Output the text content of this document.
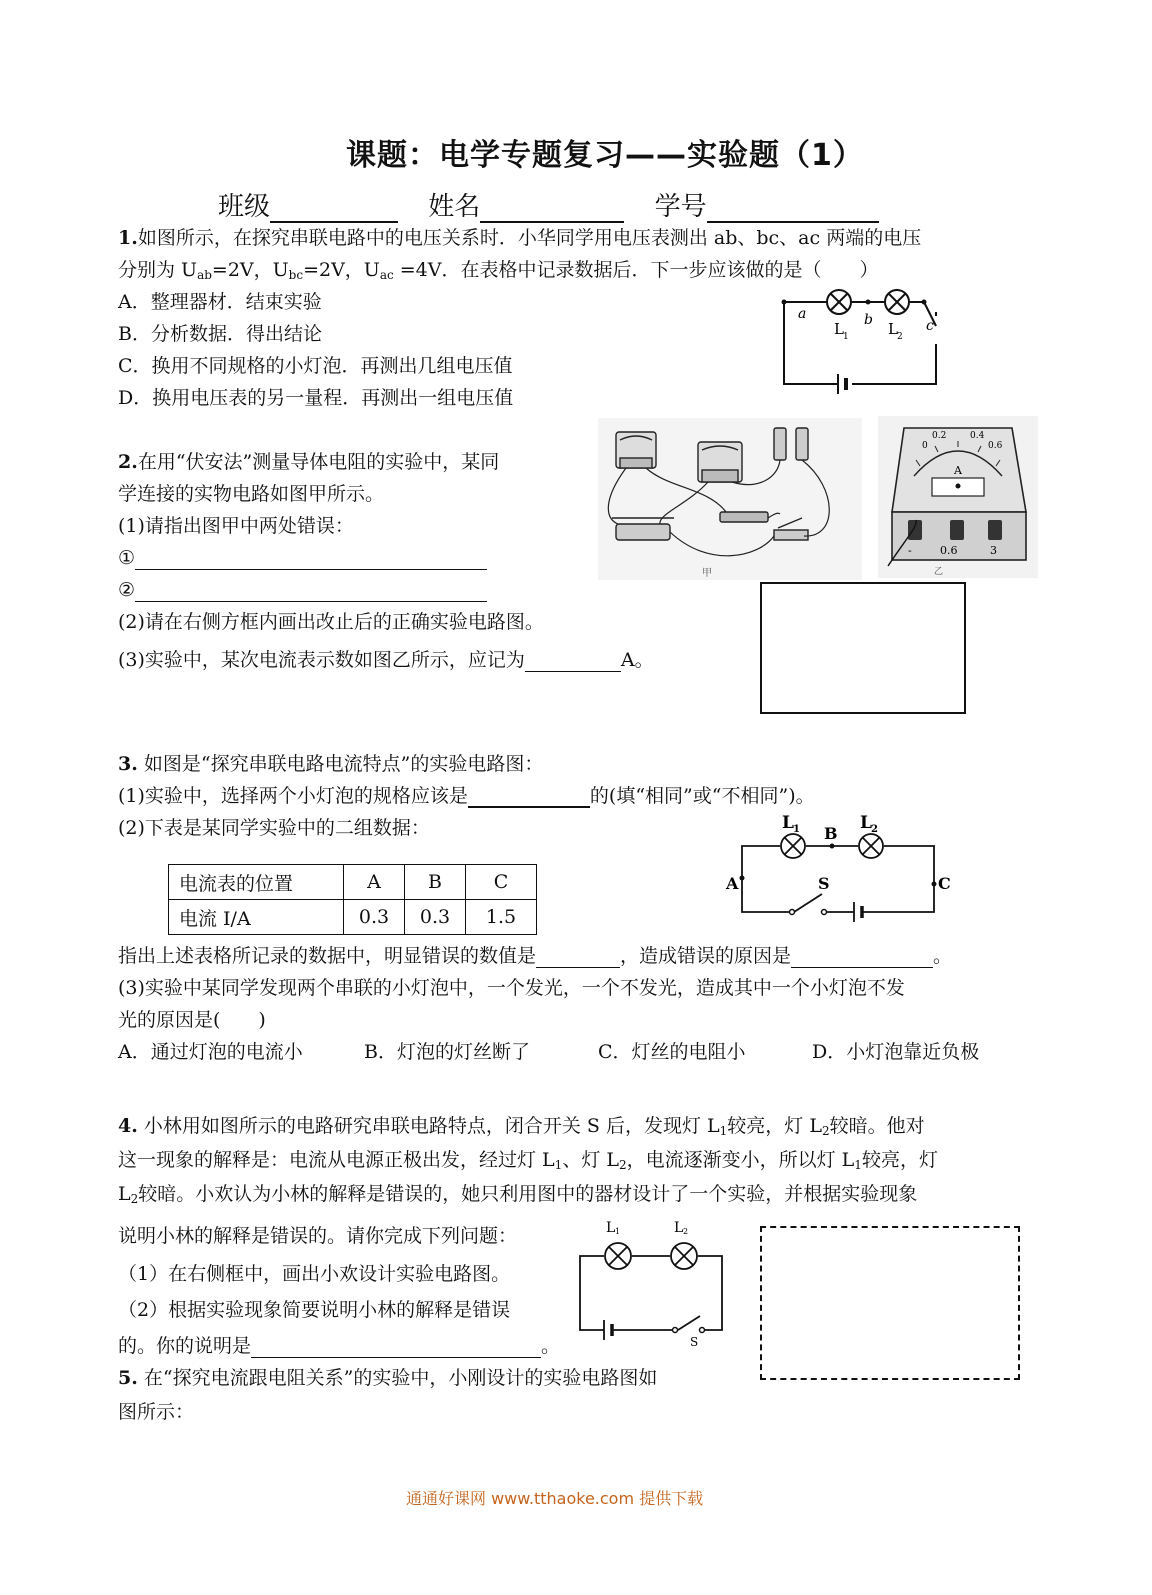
课题：电学专题复习——实验题（1）
班级	姓名	学号
1.如图所示，在探究串联电路中的电压关系时．小华同学用电压表测出 ab、bc、ac 两端的电压
分别为 $U_{ab}=2V$，$U_{bc}=2V$，$U_{ac} =4V$．在表格中记录数据后．下一步应该做的是（　　）
A．整理器材．结束实验
B．分析数据．得出结论
C．换用不同规格的小灯泡．再测出几组电压值
D．换用电压表的另一量程．再测出一组电压值
a	b	c
L 1	L 2
2.在用“伏安法”测量导体电阻的实验中，某同
学连接的实物电路如图甲所示。
(1)请指出图甲中两处错误：
①
②
(2)请在右侧方框内画出改止后的正确实验电路图。
(3)实验中，某次电流表示数如图乙所示，应记为	A。
甲
0
0.2	0.4
0.6
A
-	0.6	3
乙
3. 如图是“探究串联电路电流特点”的实验电路图：
(1)实验中，选择两个小灯泡的规格应该是	的(填“相同”或“不相同”)。
(2)下表是某同学实验中的二组数据：
电流表的位置	A	B	C
电流 I/A	0.3	0.3	1.5
L 1	L 2
B
A	C
S
指出上述表格所记录的数据中，明显错误的数值是	，造成错误的原因是	。
(3)实验中某同学发现两个串联的小灯泡中，一个发光，一个不发光，造成其中一个小灯泡不发
光的原因是(　　)
A．通过灯泡的电流小	B．灯泡的灯丝断了	C．灯丝的电阻小	D．小灯泡靠近负极
4. 小林用如图所示的电路研究串联电路特点，闭合开关 S 后，发现灯 $L_1$较亮，灯 $L_2$较暗。他对
这一现象的解释是：电流从电源正极出发，经过灯 $L_1$、灯 $L_2$，电流逐渐变小，所以灯 $L_1$较亮，灯
$L_2$较暗。小欢认为小林的解释是错误的，她只利用图中的器材设计了一个实验，并根据实验现象
说明小林的解释是错误的。请你完成下列问题：
（1）在右侧框中，画出小欢设计实验电路图。
（2）根据实验现象简要说明小林的解释是错误
的。你的说明是	。
L 1	L 2
S
5. 在“探究电流跟电阻关系”的实验中，小刚设计的实验电路图如
图所示：
通通好课网 www.tthaoke.com 提供下载
